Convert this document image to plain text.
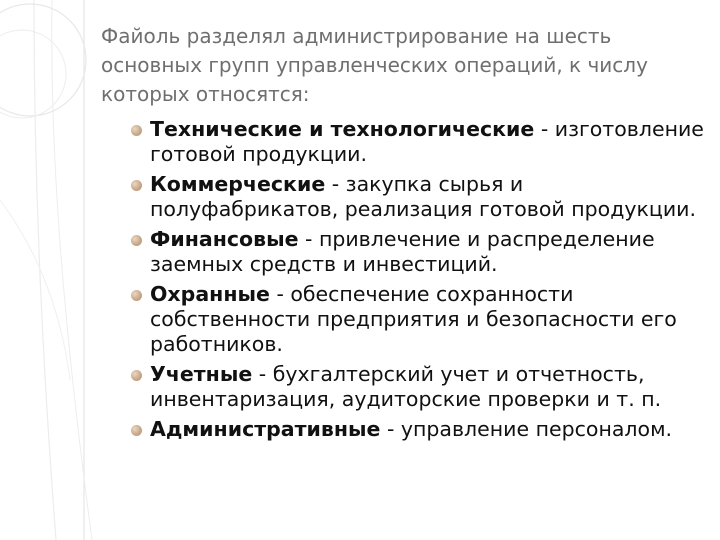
Файоль разделял администрирование на шесть основных групп управленческих операций, к числу которых относятся:
Технические и технологические - изготовление готовой продукции.
Коммерческие - закупка сырья и полуфабрикатов, реализация готовой продукции.
Финансовые - привлечение и распределение заемных средств и инвестиций.
Охранные - обеспечение сохранности собственности предприятия и безопасности его работников.
Учетные - бухгалтерский учет и отчетность, инвентаризация, аудиторские проверки и т. п.
Административные - управление персоналом.
